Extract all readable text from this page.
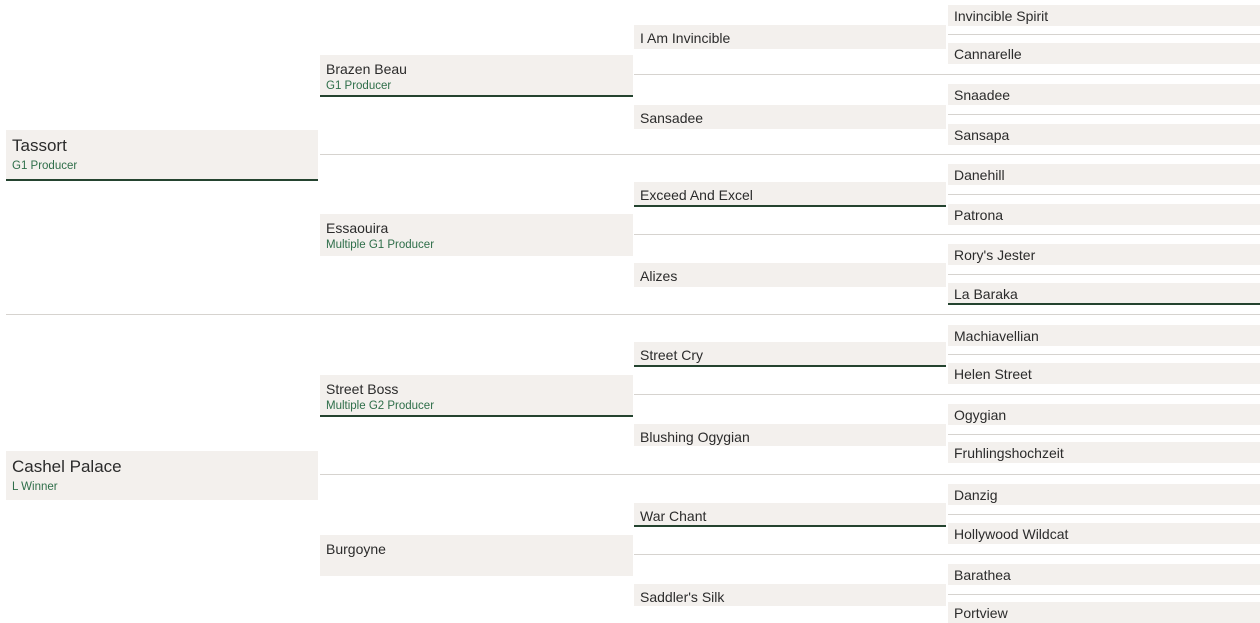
Tassort
G1 Producer
Cashel Palace
L Winner
Brazen Beau
G1 Producer
Essaouira
Multiple G1 Producer
Street Boss
Multiple G2 Producer
Burgoyne
I Am Invincible
Sansadee
Exceed And Excel
Alizes
Street Cry
Blushing Ogygian
War Chant
Saddler's Silk
Invincible Spirit
Cannarelle
Snaadee
Sansapa
Danehill
Patrona
Rory's Jester
La Baraka
Machiavellian
Helen Street
Ogygian
Fruhlingshochzeit
Danzig
Hollywood Wildcat
Barathea
Portview
